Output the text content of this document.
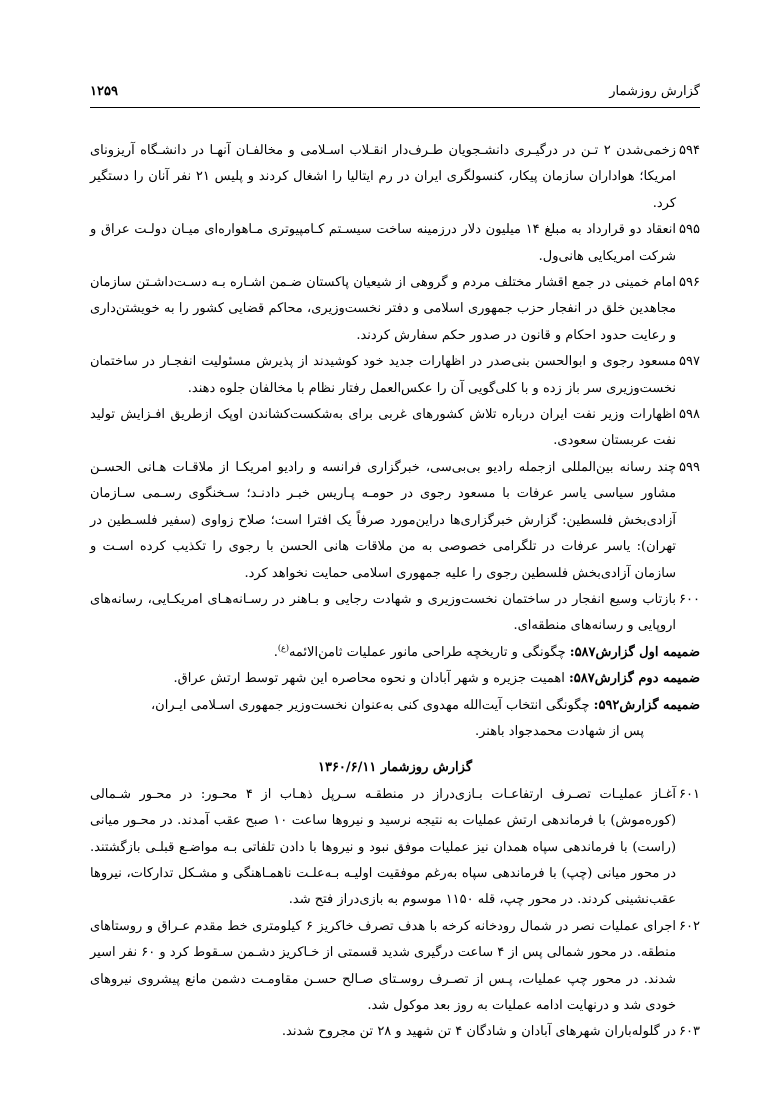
گزارش روزشمار
۱۲۵۹
۵۹۴
زخمی‌شدن ۲ تـن در درگیـری دانشـجویان طـرف‌دار انقـلاب اسـلامی و مخالفـان آنهـا در دانشـگاه آریزونای امریکا؛ هواداران سازمان پیکار، کنسولگری ایران در رم ایتالیا را اشغال کردند و پلیس ۲۱ نفر آنان را دستگیر کرد.
۵۹۵
انعقاد دو قرارداد به مبلغ ۱۴ میلیون دلار درزمینه ساخت سیسـتم کـامپیوتری مـاهواره‌ای میـان دولـت عراق و شرکت امریکایی هانی‌ول.
۵۹۶
امام خمینی در جمع اقشار مختلف مردم و گروهی از شیعیان پاکستان ضـمن اشـاره بـه دسـت‌داشـتن سازمان مجاهدین خلق در انفجار حزب جمهوری اسلامی و دفتر نخست‌وزیری، محاکم قضایی کشور را به خویشتن‌داری و رعایت حدود احکام و قانون در صدور حکم سفارش کردند.
۵۹۷
مسعود رجوی و ابوالحسن بنی‌صدر در اظهارات جدید خود کوشیدند از پذیرش مسئولیت انفجـار در ساختمان نخست‌وزیری سر باز زده و با کلی‌گویی آن را عکس‌العمل رفتار نظام با مخالفان جلوه دهند.
۵۹۸
اظهارات وزیر نفت ایران درباره تلاش کشورهای غربی برای به‌شکست‌کشاندن اوپک ازطریق افـزایش تولید نفت عربستان سعودی.
۵۹۹
چند رسانه بین‌المللی ازجمله رادیو بی‌بی‌سی، خبرگزاری فرانسه و رادیو امریکـا از ملاقـات هـانی الحسـن مشاور سیاسی یاسر عرفات با مسعود رجوی در حومـه پـاریس خبـر دادنـد؛ سـخنگوی رسـمی سـازمان آزادی‌بخش فلسطین: گزارش خبرگزاری‌ها دراین‌مورد صرفاً یک افترا است؛ صلاح زواوی (سفیر فلسـطین در تهران): یاسر عرفات در تلگرامی خصوصی به من ملاقات هانی الحسن با رجوی را تکذیب کرده اسـت و سازمان آزادی‌بخش فلسطین رجوی را علیه جمهوری اسلامی حمایت نخواهد کرد.
۶۰۰
بازتاب وسیع انفجار در ساختمان نخست‌وزیری و شهادت رجایی و بـاهنر در رسـانه‌هـای امریکـایی، رسانه‌های اروپایی و رسانه‌های منطقه‌ای.
ضمیمه اول گزارش۵۸۷: چگونگی و تاریخچه طراحی مانور عملیات ثامن‌الائمه$^{(ع)}$.
ضمیمه دوم گزارش۵۸۷: اهمیت جزیره و شهر آبادان و نحوه محاصره این شهر توسط ارتش عراق.
ضمیمه گزارش۵۹۲: چگونگی انتخاب آیت‌الله مهدوی کنی به‌عنوان نخست‌وزیر جمهوری اسـلامی ایـران،
پس از شهادت محمدجواد باهنر.
گزارش روزشمار ۱۳۶۰/۶/۱۱
۶۰۱
آغـاز عملیـات تصـرف ارتفاعـات بـازی‌دراز در منطقـه سـرپل ذهـاب از ۴ محـور: در محـور شـمالی (کوره‌موش) با فرماندهی ارتش عملیات به نتیجه نرسید و نیروها ساعت ۱۰ صبح عقب آمدند. در محـور میانی (راست) با فرماندهی سپاه همدان نیز عملیات موفق نبود و نیروها با دادن تلفاتی بـه مواضـع قبلـی بازگشتند. در محور میانی (چپ) با فرماندهی سپاه به‌رغم موفقیت اولیـه بـه‌علـت ناهمـاهنگی و مشـکل تدارکات، نیروها عقب‌نشینی کردند. در محور چپ، قله ۱۱۵۰ موسوم به بازی‌دراز فتح شد.
۶۰۲
اجرای عملیات نصر در شمال رودخانه کرخه با هدف تصرف خاکریز ۶ کیلومتری خط مقدم عـراق و روستاهای منطقه. در محور شمالی پس از ۴ ساعت درگیری شدید قسمتی از خـاکریز دشـمن سـقوط کرد و ۶۰ نفر اسیر شدند. در محور چپ عملیات، پـس از تصـرف روسـتای صـالح حسـن مقاومـت دشمن مانع پیشروی نیروهای خودی شد و درنهایت ادامه عملیات به روز بعد موکول شد.
۶۰۳
در گلوله‌باران شهرهای آبادان و شادگان ۴ تن شهید و ۲۸ تن مجروح شدند.
